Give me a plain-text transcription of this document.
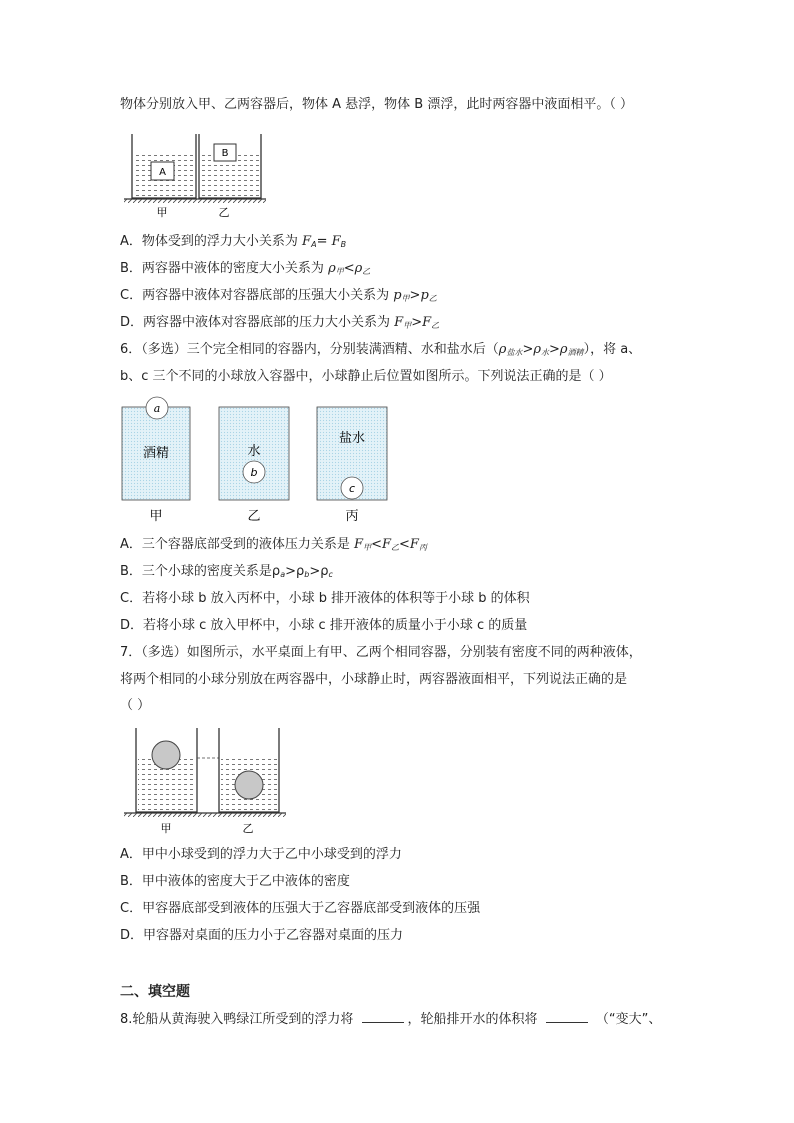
物体分别放入甲、乙两容器后，物体 A 悬浮，物体 B 漂浮，此时两容器中液面相平。（ ）
A
B
甲	乙
A．物体受到的浮力大小关系为 $F_A= F_B$
B．两容器中液体的密度大小关系为 $\rho_甲<\rho_乙$
C．两容器中液体对容器底部的压强大小关系为 $p_甲>p_乙$
D．两容器中液体对容器底部的压力大小关系为 $F_甲>F_乙$
6．（多选）三个完全相同的容器内，分别装满酒精、水和盐水后$(\rho_{盐水}>\rho_水>\rho_{酒精})$，将 a、
b、c 三个不同的小球放入容器中，小球静止后位置如图所示。下列说法正确的是（ ）
a
酒精
甲
水
b
乙
盐水
c
丙
A．三个容器底部受到的液体压力关系是 $F_甲<F_乙<F_丙$
B．三个小球的密度关系是$\rho_a>\rho_b>\rho_c$
C．若将小球 b 放入丙杯中，小球 b 排开液体的体积等于小球 b 的体积
D．若将小球 c 放入甲杯中，小球 c 排开液体的质量小于小球 c 的质量
7．（多选）如图所示，水平桌面上有甲、乙两个相同容器，分别装有密度不同的两种液体，
将两个相同的小球分别放在两容器中，小球静止时，两容器液面相平，下列说法正确的是
（ ）
甲	乙
A．甲中小球受到的浮力大于乙中小球受到的浮力
B．甲中液体的密度大于乙中液体的密度
C．甲容器底部受到液体的压强大于乙容器底部受到液体的压强
D．甲容器对桌面的压力小于乙容器对桌面的压力
二、填空题
8.轮船从黄海驶入鸭绿江所受到的浮力将	，轮船排开水的体积将	（“变大”、
